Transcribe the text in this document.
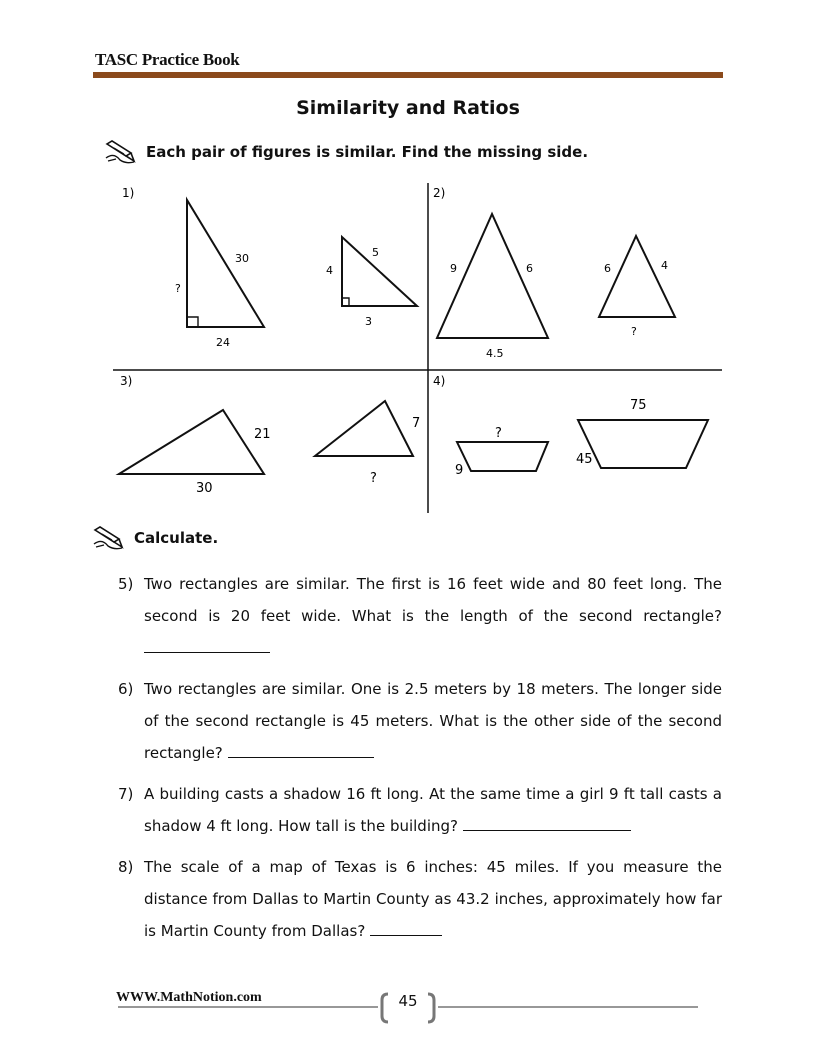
TASC Practice Book
Similarity and Ratios
Each pair of figures is similar. Find the missing side.
1)	2)
3)	4)
30
?
24
5
4
3
9	6
4.5
6	4
?
21
30
7
?
?
9
75
45
Calculate.
5) Two rectangles are similar. The first is 16 feet wide and 80 feet long. The second is 20 feet wide. What is the length of the second rectangle?
6) Two rectangles are similar. One is 2.5 meters by 18 meters. The longer side of the second rectangle is 45 meters. What is the other side of the second rectangle?
7) A building casts a shadow 16 ft long. At the same time a girl 9 ft tall casts a shadow 4 ft long. How tall is the building?
8) The scale of a map of Texas is 6 inches: 45 miles. If you measure the distance from Dallas to Martin County as 43.2 inches, approximately how far is Martin County from Dallas?
WWW.MathNotion.com	45
